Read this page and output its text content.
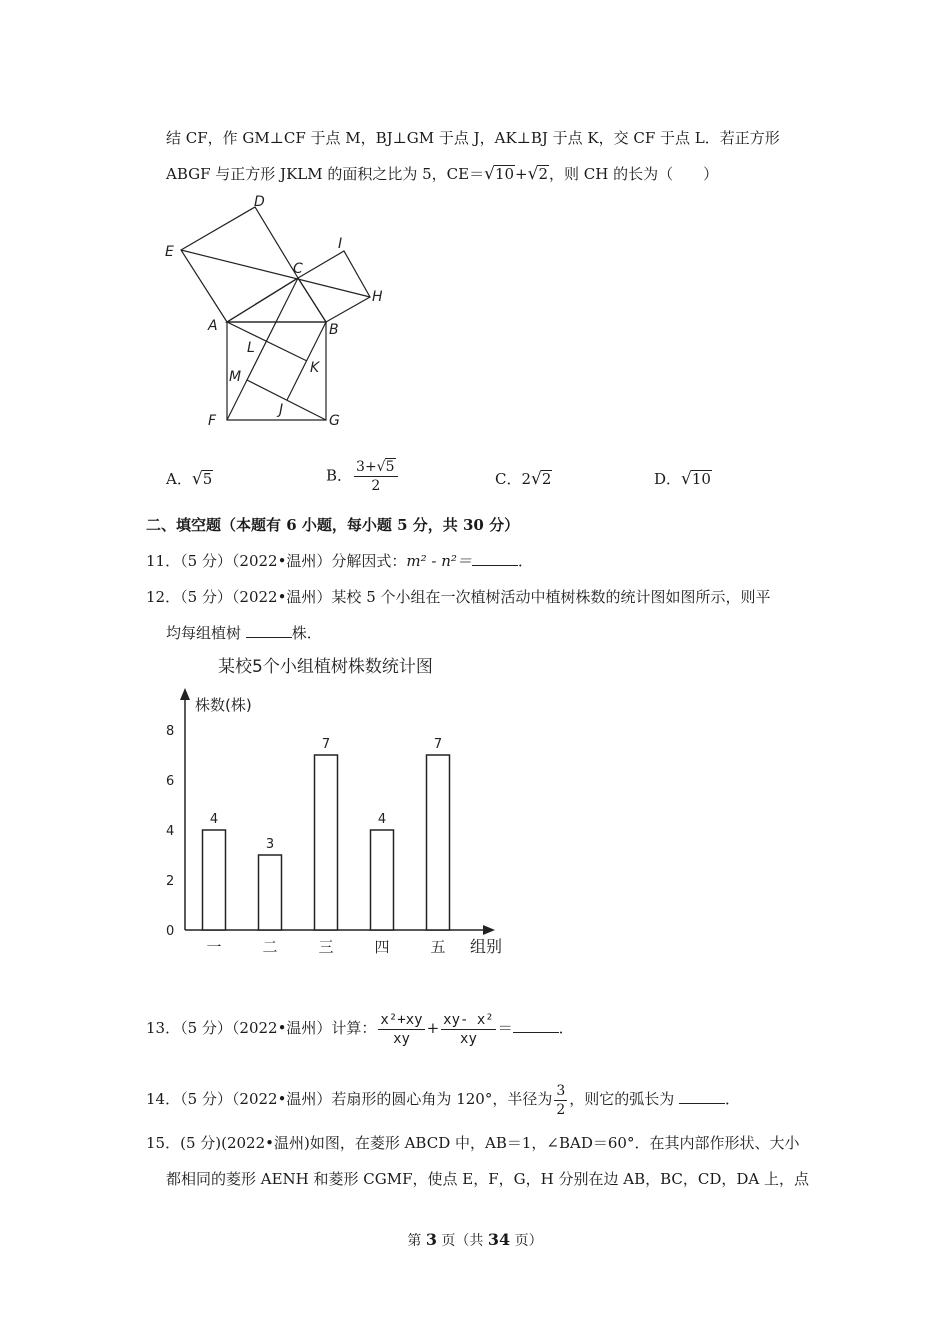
结 CF，作 GM⊥CF 于点 M，BJ⊥GM 于点 J，AK⊥BJ 于点 K，交 CF 于点 L．若正方形
ABGF 与正方形 JKLM 的面积之比为 5，CE＝√10+√2，则 CH 的长为（　　）
D
E	I
C
H
A	B
L
K
M
J
F	G
A．√5	B． $\frac{3+√5}{2}$	C．2√2	D．√10
二、填空题（本题有 6 小题，每小题 5 分，共 30 分）
11．（5 分）（2022•温州）分解因式：m² - n²＝	．
12．（5 分）（2022•温州）某校 5 个小组在一次植树活动中植树株数的统计图如图所示，则平
均每组植树	株．
某校5个小组植树株数统计图
株数(株)
组别
0
2
4
6
8
4
一
3
二
7
三
4
四
7
五
13．（5 分）（2022•温州）计算： $\frac{\text{x²+xy}}{xy} + \frac{\text{xy- x²}}{xy}$ ＝	．
14．（5 分）（2022•温州）若扇形的圆心角为 120°，半径为 $\frac{3}{2}$ ，则它的弧长为	．
15．(5 分)(2022•温州)如图，在菱形 ABCD 中，AB＝1，∠BAD＝60°．在其内部作形状、大小
都相同的菱形 AENH 和菱形 CGMF，使点 E，F，G，H 分别在边 AB，BC，CD，DA 上，点
第 3 页（共 34 页）
